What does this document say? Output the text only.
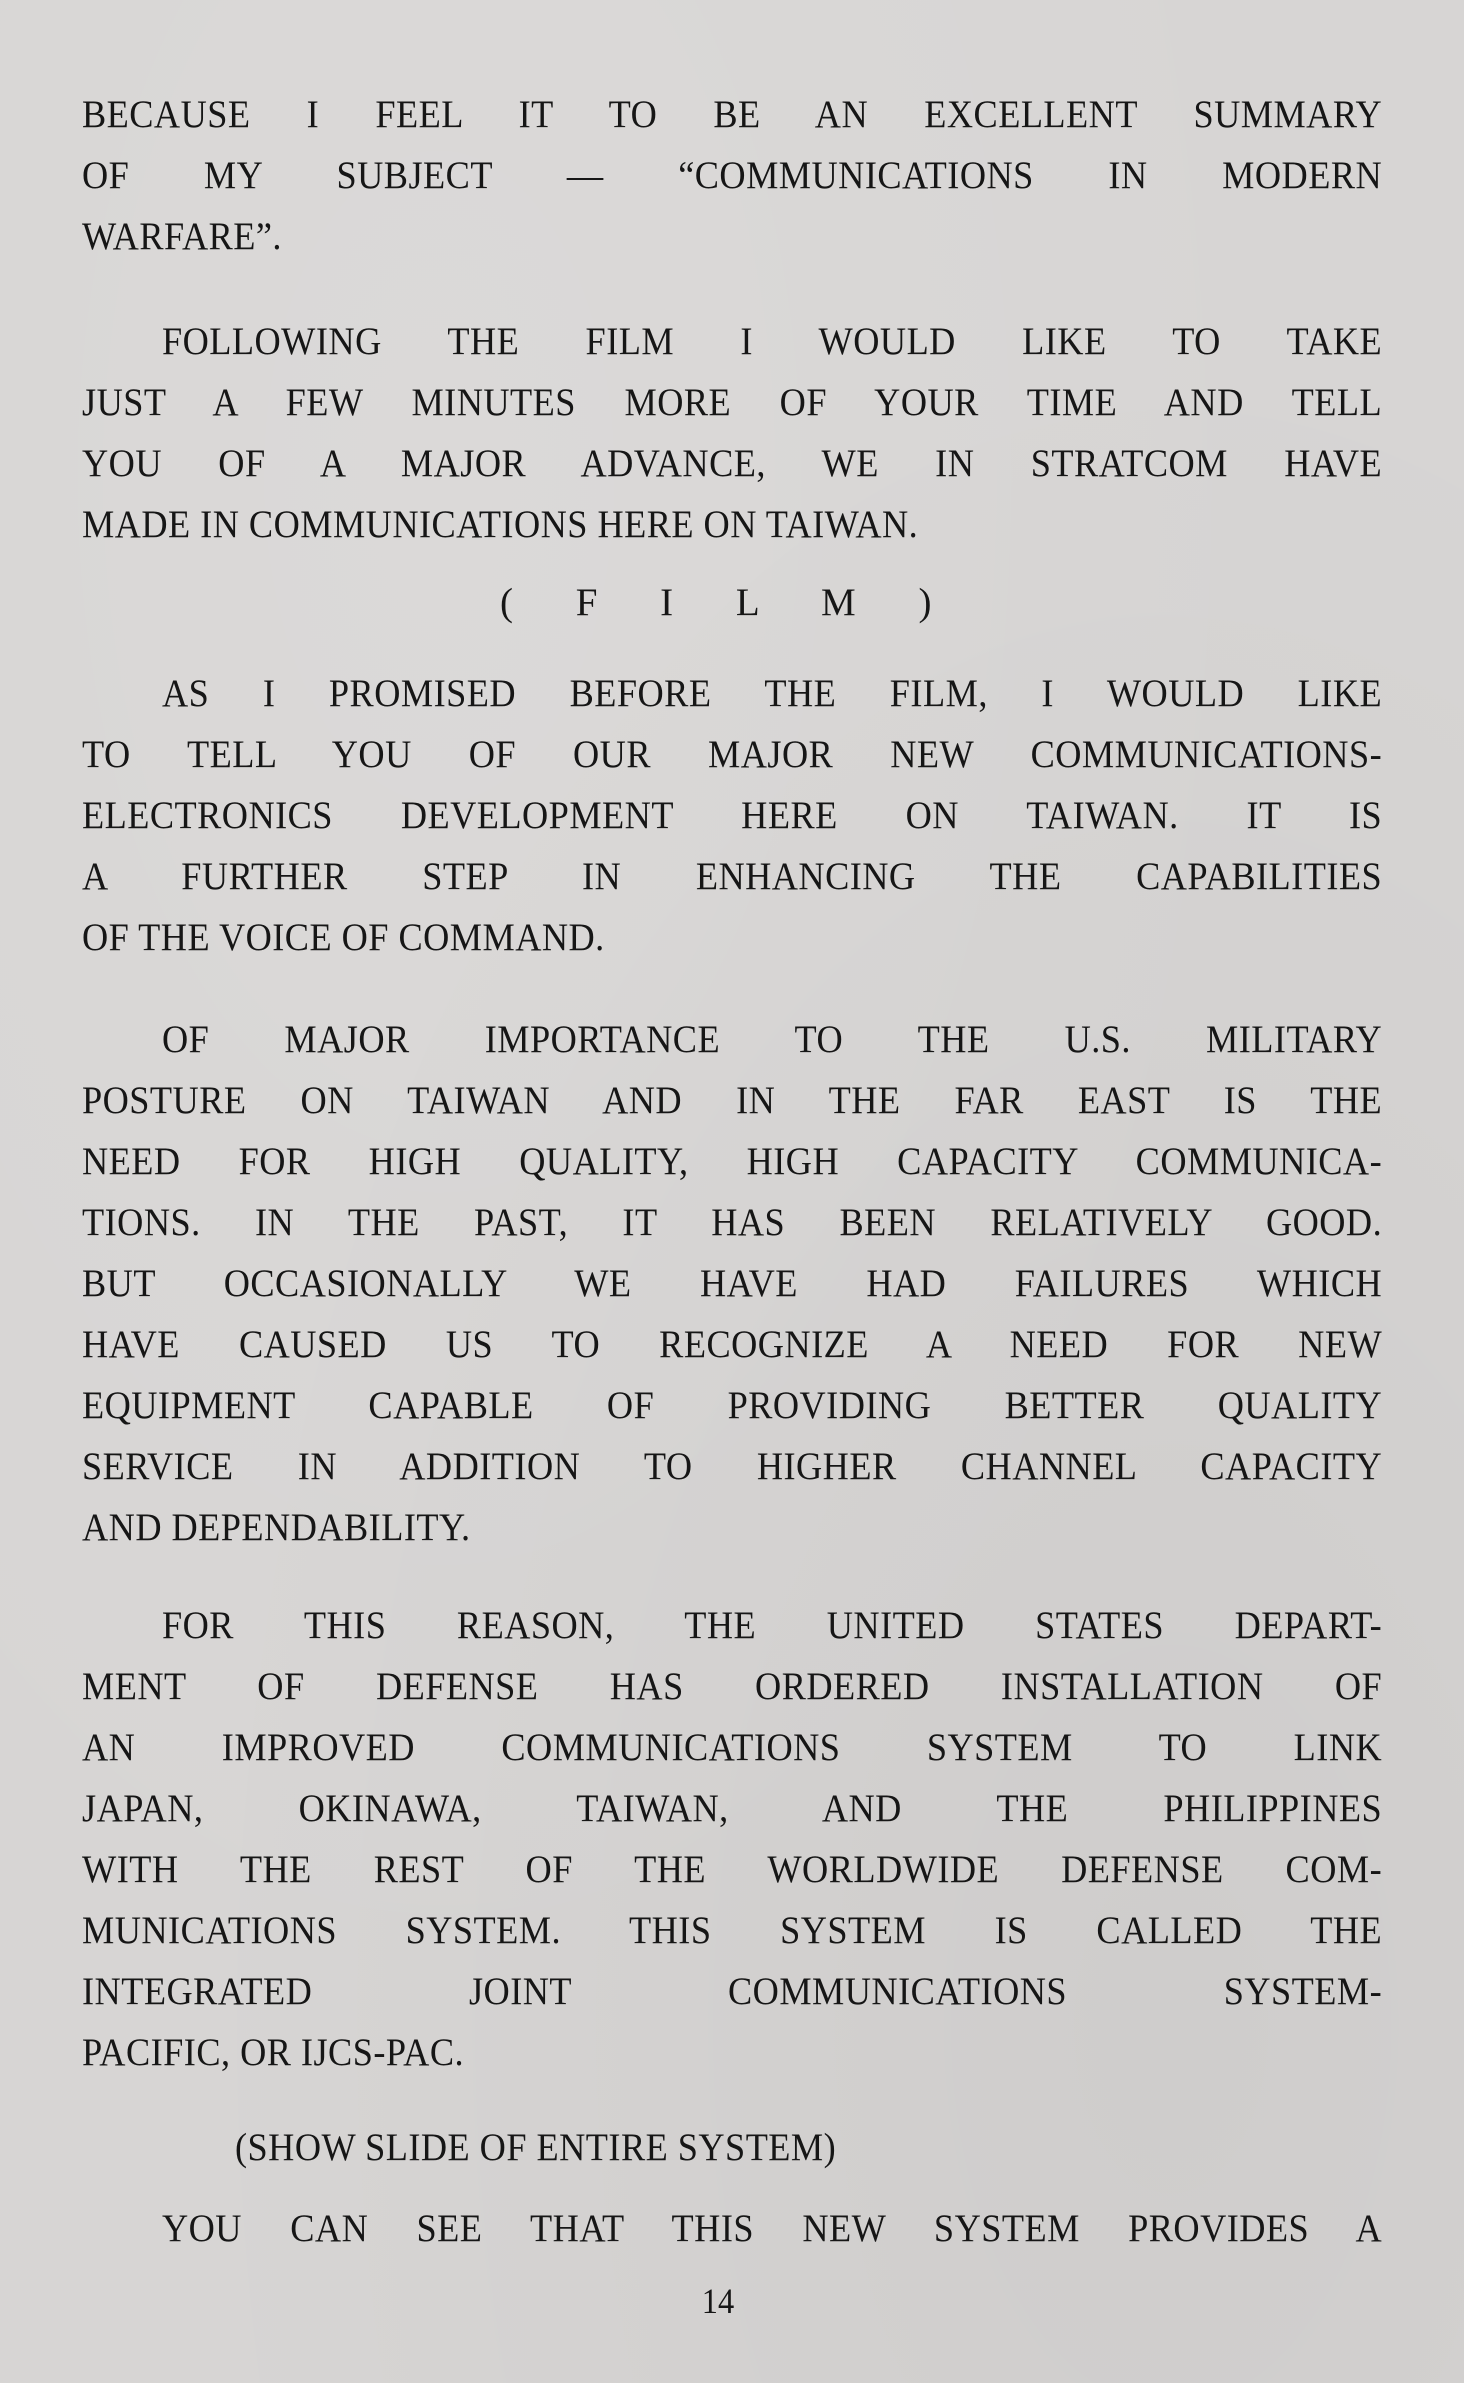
BECAUSE I FEEL IT TO BE AN EXCELLENT SUMMARY
OF MY SUBJECT — “COMMUNICATIONS IN MODERN
WARFARE”.
FOLLOWING THE FILM I WOULD LIKE TO TAKE
JUST A FEW MINUTES MORE OF YOUR TIME AND TELL
YOU OF A MAJOR ADVANCE, WE IN STRATCOM HAVE
MADE IN COMMUNICATIONS HERE ON TAIWAN.
( F I L M )
AS I PROMISED BEFORE THE FILM, I WOULD LIKE
TO TELL YOU OF OUR MAJOR NEW COMMUNICATIONS-
ELECTRONICS DEVELOPMENT HERE ON TAIWAN. IT IS
A FURTHER STEP IN ENHANCING THE CAPABILITIES
OF THE VOICE OF COMMAND.
OF MAJOR IMPORTANCE TO THE U.S. MILITARY
POSTURE ON TAIWAN AND IN THE FAR EAST IS THE
NEED FOR HIGH QUALITY, HIGH CAPACITY COMMUNICA-
TIONS. IN THE PAST, IT HAS BEEN RELATIVELY GOOD.
BUT OCCASIONALLY WE HAVE HAD FAILURES WHICH
HAVE CAUSED US TO RECOGNIZE A NEED FOR NEW
EQUIPMENT CAPABLE OF PROVIDING BETTER QUALITY
SERVICE IN ADDITION TO HIGHER CHANNEL CAPACITY
AND DEPENDABILITY.
FOR THIS REASON, THE UNITED STATES DEPART-
MENT OF DEFENSE HAS ORDERED INSTALLATION OF
AN IMPROVED COMMUNICATIONS SYSTEM TO LINK
JAPAN, OKINAWA, TAIWAN, AND THE PHILIPPINES
WITH THE REST OF THE WORLDWIDE DEFENSE COM-
MUNICATIONS SYSTEM. THIS SYSTEM IS CALLED THE
INTEGRATED JOINT COMMUNICATIONS SYSTEM-
PACIFIC, OR IJCS-PAC.
(SHOW SLIDE OF ENTIRE SYSTEM)
YOU CAN SEE THAT THIS NEW SYSTEM PROVIDES A
14
